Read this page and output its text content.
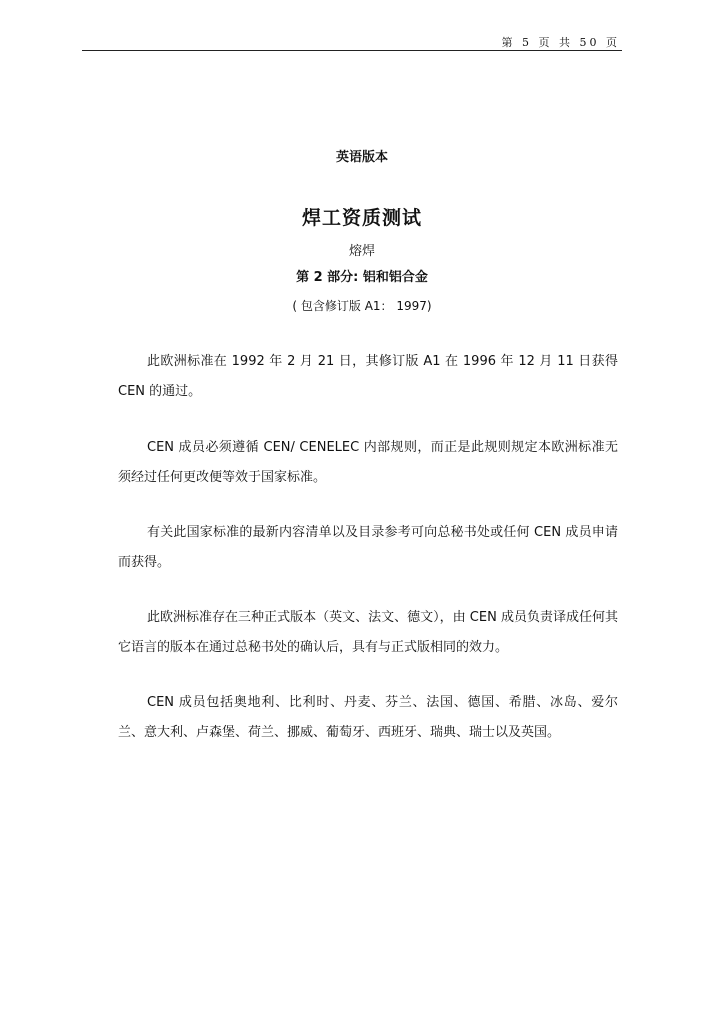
第 5 页 共 50 页
英语版本
焊工资质测试
熔焊
第 2 部分: 铝和铝合金
( 包含修订版 A1： 1997)

此欧洲标准在 1992 年 2 月 21 日，其修订版 A1 在 1996 年 12 月 11 日获得 CEN 的通过。

CEN 成员必须遵循 CEN/ CENELEC 内部规则，而正是此规则规定本欧洲标准无须经过任何更改便等效于国家标准。

有关此国家标准的最新内容清单以及目录参考可向总秘书处或任何 CEN 成员申请而获得。

此欧洲标准存在三种正式版本（英文、法文、德文），由 CEN 成员负责译成任何其它语言的版本在通过总秘书处的确认后，具有与正式版相同的效力。

CEN 成员包括奥地利、比利时、丹麦、芬兰、法国、德国、希腊、冰岛、爱尔兰、意大利、卢森堡、荷兰、挪威、葡萄牙、西班牙、瑞典、瑞士以及英国。
